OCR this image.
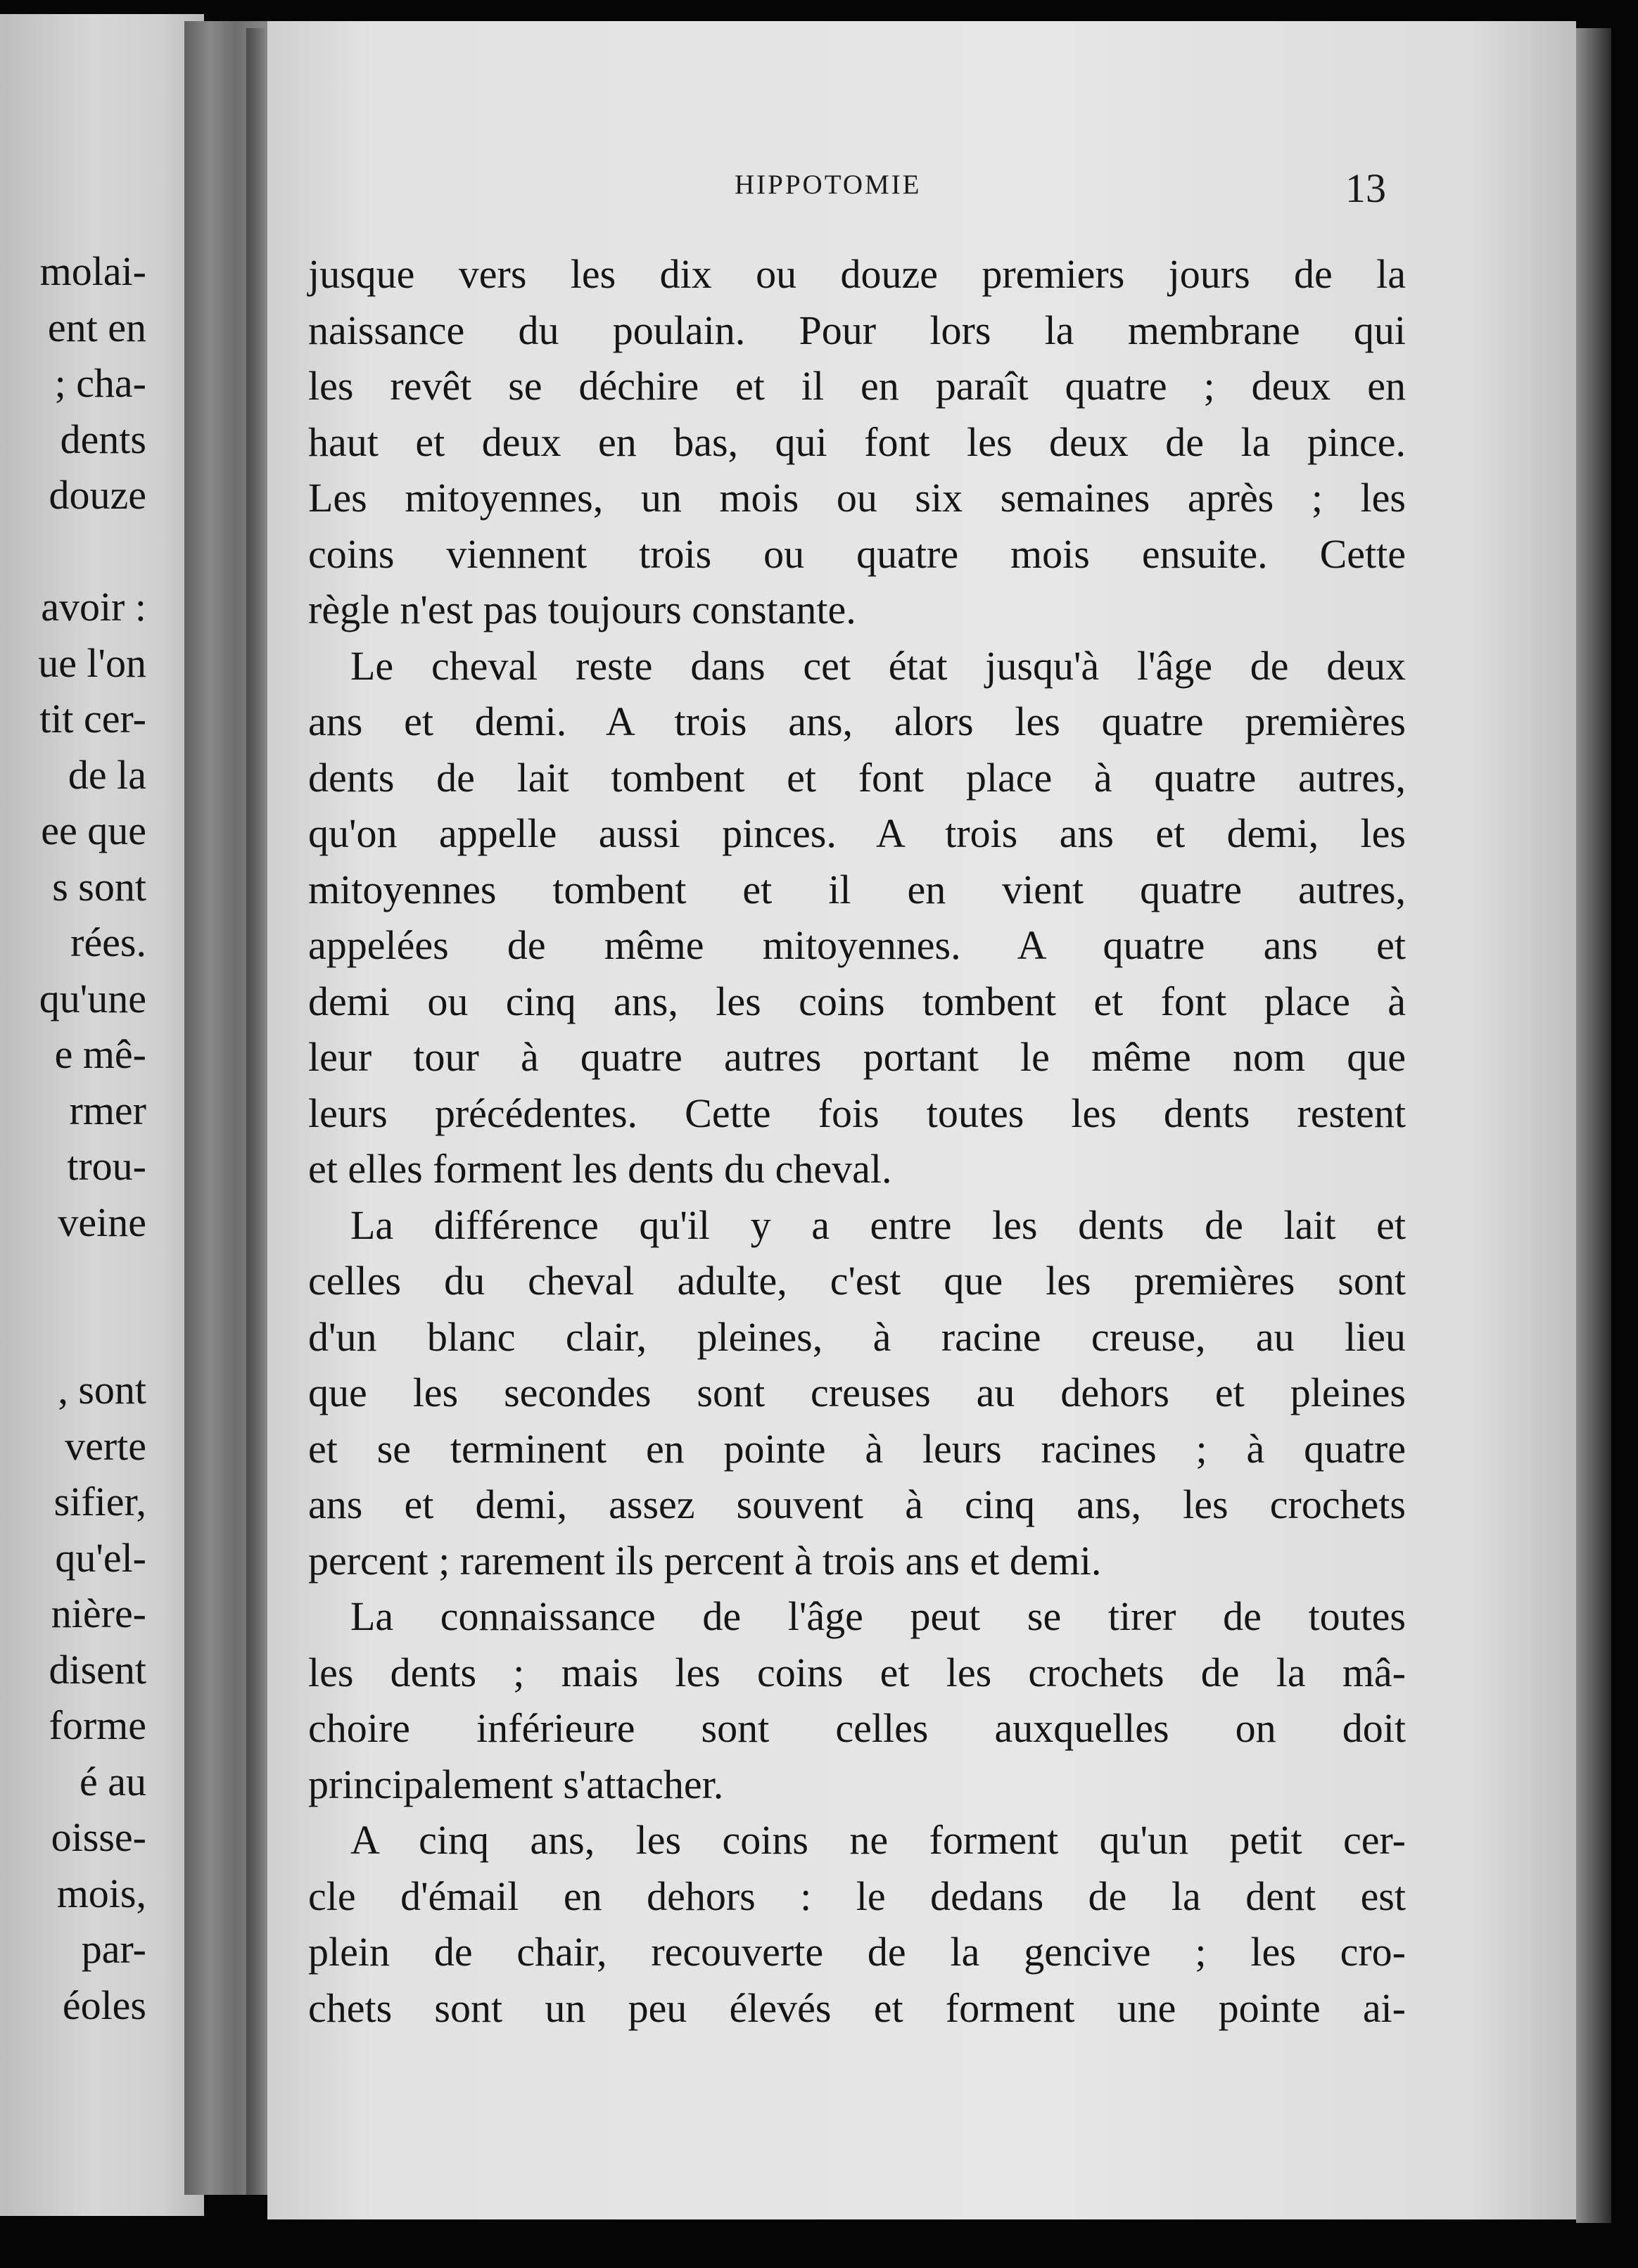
molai-
ent en
; cha-
dents
douze
avoir :
ue l'on
tit cer-
de la
ee que
s sont
rées.
qu'une
e mê-
rmer
trou-
veine
, sont
verte
sifier,
qu'el-
nière-
disent
forme
é au
oisse-
mois,
par-
éoles
HIPPOTOMIE	13
jusque vers les dix ou douze premiers jours de la
naissance du poulain. Pour lors la membrane qui
les revêt se déchire et il en paraît quatre ; deux en
haut et deux en bas, qui font les deux de la pince.
Les mitoyennes, un mois ou six semaines après ; les
coins viennent trois ou quatre mois ensuite. Cette
règle n'est pas toujours constante.
Le cheval reste dans cet état jusqu'à l'âge de deux
ans et demi. A trois ans, alors les quatre premières
dents de lait tombent et font place à quatre autres,
qu'on appelle aussi pinces. A trois ans et demi, les
mitoyennes tombent et il en vient quatre autres,
appelées de même mitoyennes. A quatre ans et
demi ou cinq ans, les coins tombent et font place à
leur tour à quatre autres portant le même nom que
leurs précédentes. Cette fois toutes les dents restent
et elles forment les dents du cheval.
La différence qu'il y a entre les dents de lait et
celles du cheval adulte, c'est que les premières sont
d'un blanc clair, pleines, à racine creuse, au lieu
que les secondes sont creuses au dehors et pleines
et se terminent en pointe à leurs racines ; à quatre
ans et demi, assez souvent à cinq ans, les crochets
percent ; rarement ils percent à trois ans et demi.
La connaissance de l'âge peut se tirer de toutes
les dents ; mais les coins et les crochets de la mâ-
choire inférieure sont celles auxquelles on doit
principalement s'attacher.
A cinq ans, les coins ne forment qu'un petit cer-
cle d'émail en dehors : le dedans de la dent est
plein de chair, recouverte de la gencive ; les cro-
chets sont un peu élevés et forment une pointe ai-
